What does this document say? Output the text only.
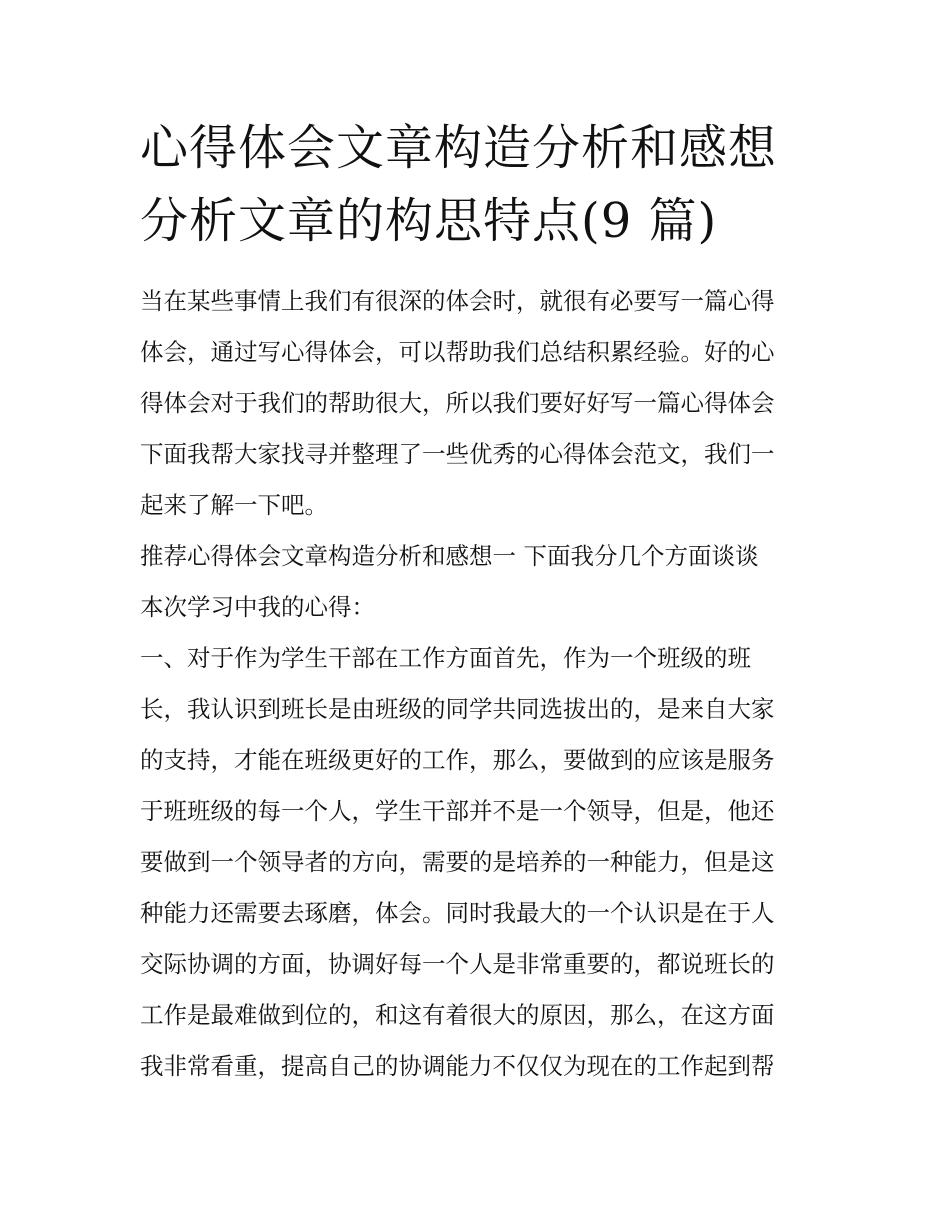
心得体会文章构造分析和感想
分析文章的构思特点(9 篇)
当在某些事情上我们有很深的体会时，就很有必要写一篇心得
体会，通过写心得体会，可以帮助我们总结积累经验。好的心
得体会对于我们的帮助很大，所以我们要好好写一篇心得体会
下面我帮大家找寻并整理了一些优秀的心得体会范文，我们一
起来了解一下吧。
推荐心得体会文章构造分析和感想一 下面我分几个方面谈谈
本次学习中我的心得：
一、对于作为学生干部在工作方面首先，作为一个班级的班
长，我认识到班长是由班级的同学共同选拔出的，是来自大家
的支持，才能在班级更好的工作，那么，要做到的应该是服务
于班班级的每一个人，学生干部并不是一个领导，但是，他还
要做到一个领导者的方向，需要的是培养的一种能力，但是这
种能力还需要去琢磨，体会。同时我最大的一个认识是在于人
交际协调的方面，协调好每一个人是非常重要的，都说班长的
工作是最难做到位的，和这有着很大的原因，那么，在这方面
我非常看重，提高自己的协调能力不仅仅为现在的工作起到帮
